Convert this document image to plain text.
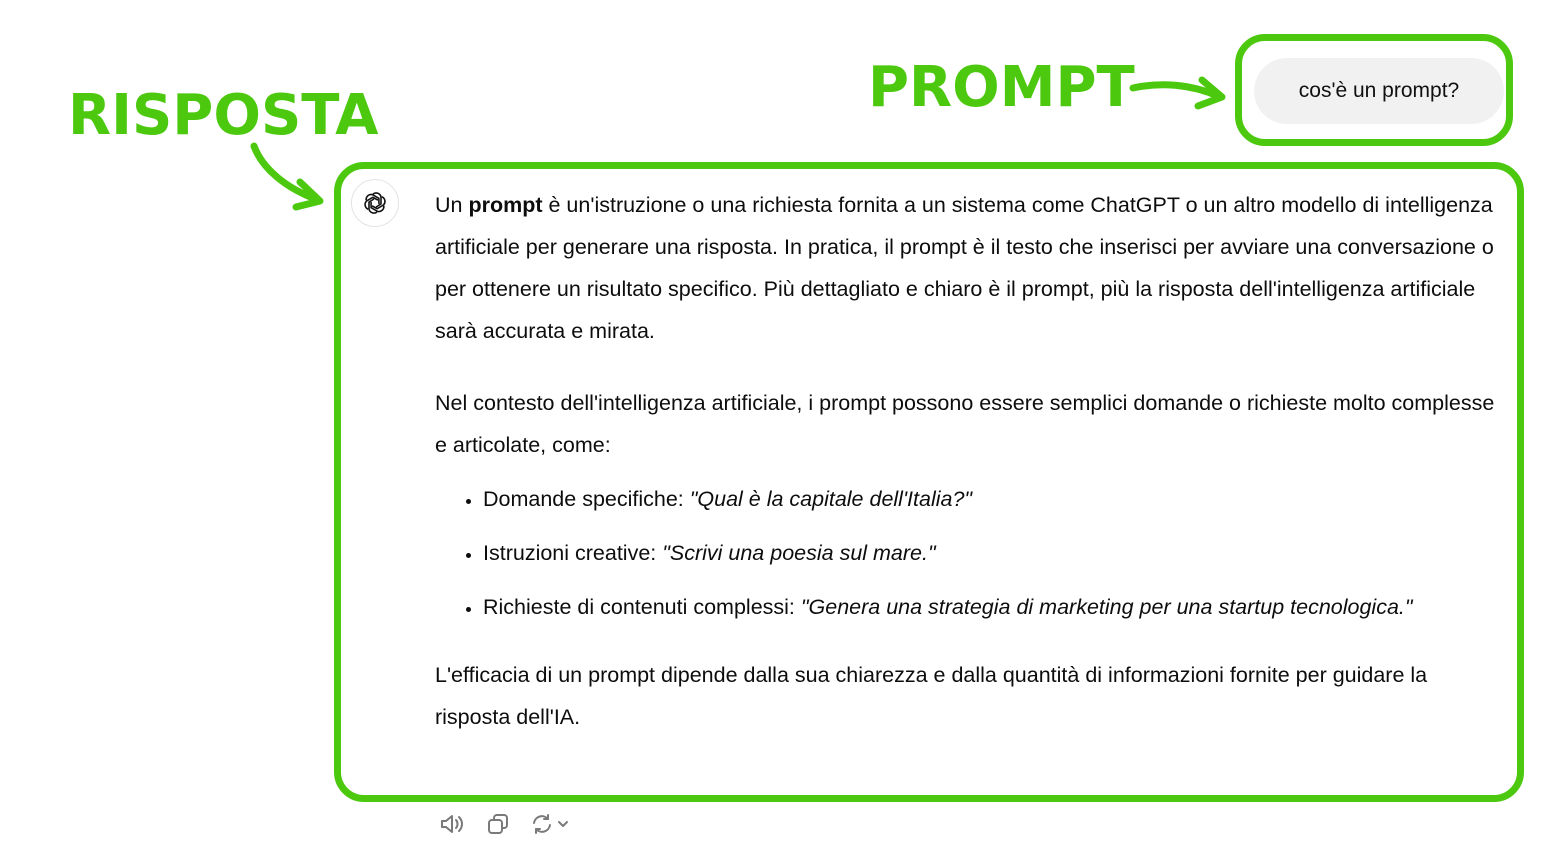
PROMPT
RISPOSTA	cos'è un prompt?

Un prompt è un'istruzione o una richiesta fornita a un sistema come ChatGPT o un altro modello di intelligenza artificiale per generare una risposta. In pratica, il prompt è il testo che inserisci per avviare una conversazione o per ottenere un risultato specifico. Più dettagliato e chiaro è il prompt, più la risposta dell'intelligenza artificiale sarà accurata e mirata.

Nel contesto dell'intelligenza artificiale, i prompt possono essere semplici domande o richieste molto complesse e articolate, come:

• Domande specifiche: "Qual è la capitale dell'Italia?"
• Istruzioni creative: "Scrivi una poesia sul mare."
• Richieste di contenuti complessi: "Genera una strategia di marketing per una startup tecnologica."

L'efficacia di un prompt dipende dalla sua chiarezza e dalla quantità di informazioni fornite per guidare la risposta dell'IA.
